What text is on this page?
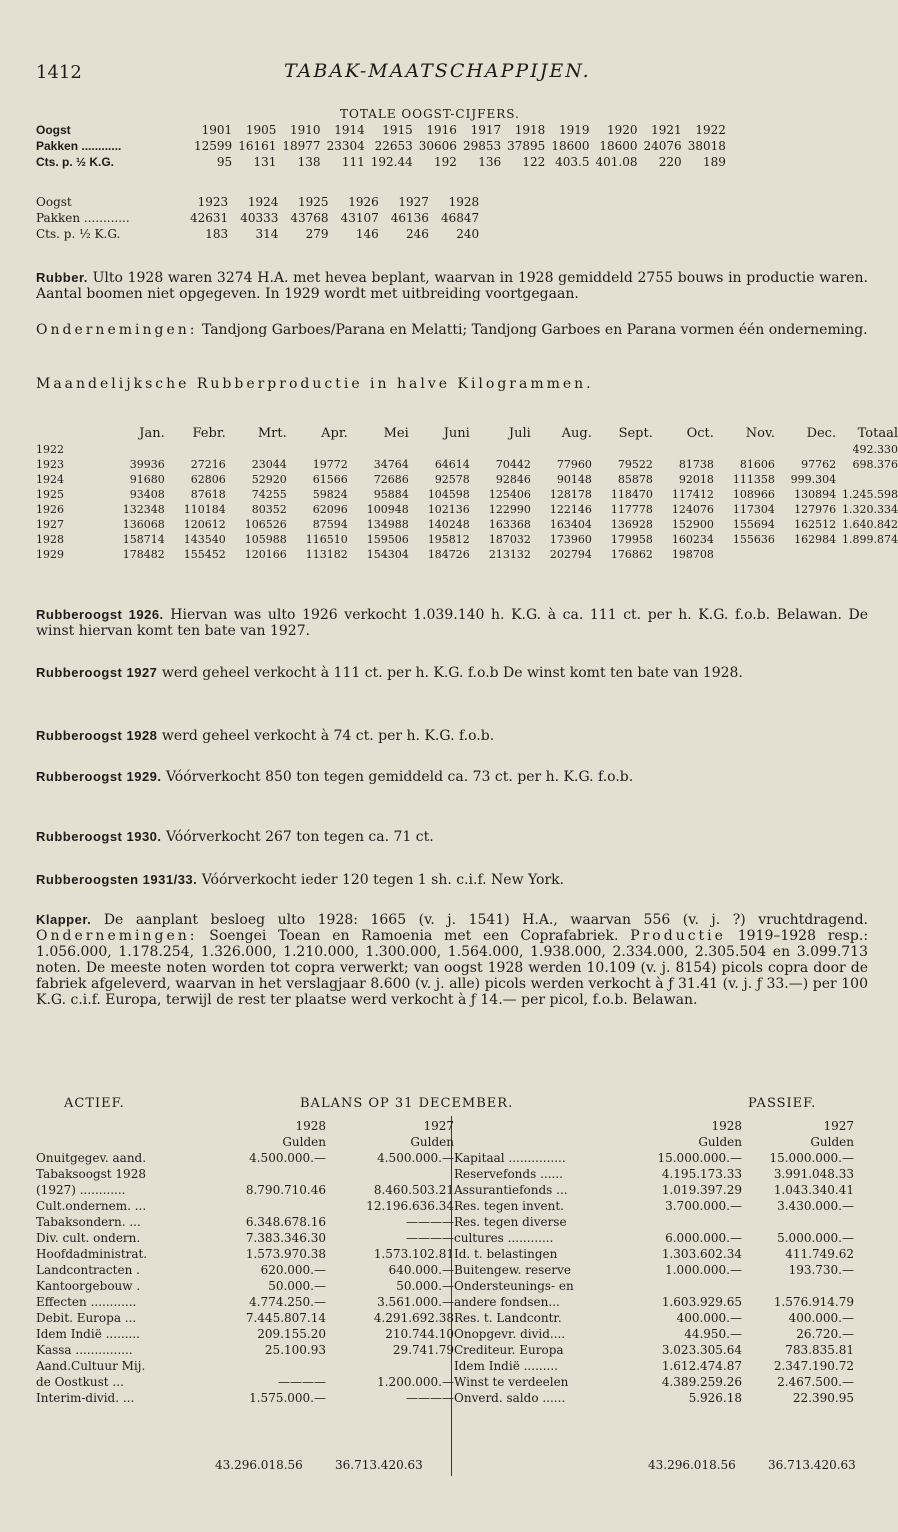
1412	TABAK-MAATSCHAPPIJEN.
TOTALE OOGST-CIJFERS.
Oogst	1901	1905	1910	1914	1915	1916	1917	1918	1919	1920	1921	1922
Pakken ............	12599	16161	18977	23304	22653	30606	29853	37895	18600	18600	24076	38018
Cts. p. ½ K.G.	95	131	138	111	192.44	192	136	122	403.5	401.08	220	189
Oogst	1923	1924	1925	1926	1927	1928
Pakken ............	42631	40333	43768	43107	46136	46847
Cts. p. ½ K.G.	183	314	279	146	246	240
Rubber. Ulto 1928 waren 3274 H.A. met hevea beplant, waarvan in 1928 gemiddeld 2755 bouws in productie waren. Aantal boomen niet opgegeven. In 1929 wordt met uitbreiding voortgegaan.
Ondernemingen: Tandjong Garboes/Parana en Melatti; Tandjong Garboes en Parana vormen één onderneming.
Maandelijksche Rubberproductie in halve Kilogrammen.
	Jan.	Febr.	Mrt.	Apr.	Mei	Juni	Juli	Aug.	Sept.	Oct.	Nov.	Dec.	Totaal
1922													492.330
1923	39936	27216	23044	19772	34764	64614	70442	77960	79522	81738	81606	97762	698.376
1924	91680	62806	52920	61566	72686	92578	92846	90148	85878	92018	111358	999.304	
1925	93408	87618	74255	59824	95884	104598	125406	128178	118470	117412	108966	130894	1.245.598
1926	132348	110184	80352	62096	100948	102136	122990	122146	117778	124076	117304	127976	1.320.334
1927	136068	120612	106526	87594	134988	140248	163368	163404	136928	152900	155694	162512	1.640.842
1928	158714	143540	105988	116510	159506	195812	187032	173960	179958	160234	155636	162984	1.899.874
1929	178482	155452	120166	113182	154304	184726	213132	202794	176862	198708			
Rubberoogst 1926. Hiervan was ulto 1926 verkocht 1.039.140 h. K.G. à ca. 111 ct. per h. K.G. f.o.b. Belawan. De winst hiervan komt ten bate van 1927.
Rubberoogst 1927 werd geheel verkocht à 111 ct. per h. K.G. f.o.b De winst komt ten bate van 1928.
Rubberoogst 1928 werd geheel verkocht à 74 ct. per h. K.G. f.o.b.
Rubberoogst 1929. Vóórverkocht 850 ton tegen gemiddeld ca. 73 ct. per h. K.G. f.o.b.
Rubberoogst 1930. Vóórverkocht 267 ton tegen ca. 71 ct.
Rubberoogsten 1931/33. Vóórverkocht ieder 120 tegen 1 sh. c.i.f. New York.
Klapper. De aanplant besloeg ulto 1928: 1665 (v. j. 1541) H.A., waarvan 556 (v. j. ?) vruchtdragend. Ondernemingen: Soengei Toean en Ramoenia met een Coprafabriek. Productie 1919–1928 resp.: 1.056.000, 1.178.254, 1.326.000, 1.210.000, 1.300.000, 1.564.000, 1.938.000, 2.334.000, 2.305.504 en 3.099.713 noten. De meeste noten worden tot copra verwerkt; van oogst 1928 werden 10.109 (v. j. 8154) picols copra door de fabriek afgeleverd, waarvan in het verslagjaar 8.600 (v. j. alle) picols werden verkocht à ƒ 31.41 (v. j. ƒ 33.—) per 100 K.G. c.i.f. Europa, terwijl de rest ter plaatse werd verkocht à ƒ 14.— per picol, f.o.b. Belawan.
ACTIEF.	BALANS OP 31 DECEMBER.	PASSIEF.
	1928	1927
	Gulden	Gulden
Onuitgegev. aand.	4.500.000.—	4.500.000.—
Tabaksoogst 1928		
(1927) ............	8.790.710.46	8.460.503.21
Cult.ondernem. ...		12.196.636.34
Tabaksondern. ...	6.348.678.16	————
Div. cult. ondern.	7.383.346.30	————
Hoofdadministrat.	1.573.970.38	1.573.102.81
Landcontracten .	620.000.—	640.000.—
Kantoorgebouw .	50.000.—	50.000.—
Effecten ............	4.774.250.—	3.561.000.—
Debit. Europa ...	7.445.807.14	4.291.692.38
Idem Indië .........	209.155.20	210.744.10
Kassa ...............	25.100.93	29.741.79
Aand.Cultuur Mij.		
de Oostkust ...	————	1.200.000.—
Interim-divid. ...	1.575.000.—	————
	1928	1927
	Gulden	Gulden
Kapitaal ...............	15.000.000.—	15.000.000.—
Reservefonds ......	4.195.173.33	3.991.048.33
Assurantiefonds ...	1.019.397.29	1.043.340.41
Res. tegen invent.	3.700.000.—	3.430.000.—
Res. tegen diverse		
cultures ............	6.000.000.—	5.000.000.—
Id. t. belastingen	1.303.602.34	411.749.62
Buitengew. reserve	1.000.000.—	193.730.—
Ondersteunings- en		
andere fondsen...	1.603.929.65	1.576.914.79
Res. t. Landcontr.	400.000.—	400.000.—
Onopgevr. divid....	44.950.—	26.720.—
Crediteur. Europa	3.023.305.64	783.835.81
Idem Indië .........	1.612.474.87	2.347.190.72
Winst te verdeelen	4.389.259.26	2.467.500.—
Onverd. saldo ......	5.926.18	22.390.95
43.296.018.56	36.713.420.63	43.296.018.56	36.713.420.63
